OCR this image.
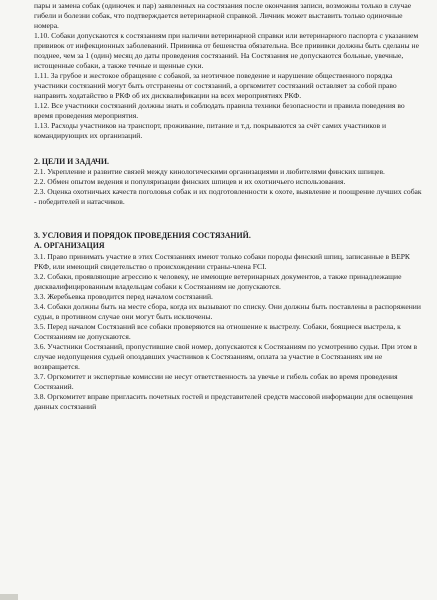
пары и замена собак (одиночек и пар) заявленных на состязания после окончания записи, возможны только в случае гибели и болезни собак, что подтверждается ветеринарной справкой. Личник может выставить только одиночные номера.

1.10. Собаки допускаются к состязаниям при наличии ветеринарной справки или ветеринарного паспорта с указанием прививок от инфекционных заболеваний. Прививка от бешенства обязательна. Все прививки должны быть сделаны не позднее, чем за 1 (один) месяц до даты проведения состязаний. На Состязания не допускаются больные, увечные, истощенные собаки, а также течные и щенные суки.

1.11. За грубое и жестокое обращение с собакой, за неэтичное поведение и нарушение общественного порядка участники состязаний могут быть отстранены от состязаний, а оргкомитет состязаний оставляет за собой право направить ходатайство в РКФ об их дисквалификации на всех мероприятиях РКФ.

1.12. Все участники состязаний должны знать и соблюдать правила техники безопасности и правила поведения во время проведения мероприятия.

1.13. Расходы участников на транспорт, проживание, питание и т.д. покрываются за счёт самих участников и командирующих их организаций.

2. ЦЕЛИ И ЗАДАЧИ.

2.1. Укрепление и развитие связей между кинологическими организациями и любителями финских шпицев.

2.2. Обмен опытом ведения и популяризации финских шпицев и их охотничьего использования.

2.3. Оценка охотничьих качеств поголовья собак и их подготовленности к охоте, выявление и поощрение лучших собак - победителей и натасчиков.

3. УСЛОВИЯ И ПОРЯДОК ПРОВЕДЕНИЯ СОСТЯЗАНИЙ.
А. ОРГАНИЗАЦИЯ

3.1. Право принимать участие в этих Состязаниях имеют только собаки породы финский шпиц, записанные в ВЕРК РКФ, или имеющий свидетельство о происхождении страны-члена FCI.

3.2. Собаки, проявляющие агрессию к человеку, не имеющие ветеринарных документов, а также принадлежащие дисквалифицированным владельцам собаки к Состязаниям не допускаются.

3.3. Жеребьевка проводится перед началом состязаний.

3.4. Собаки должны быть на месте сбора, когда их вызывают по списку. Они должны быть поставлены в распоряжении судьи, в противном случае они могут быть исключены.

3.5. Перед началом Состязаний все собаки проверяются на отношение к выстрелу. Собаки, боящиеся выстрела, к Состязаниям не допускаются.

3.6. Участники Состязаний, пропустившие свой номер, допускаются к Состязаниям по усмотрению судьи. При этом в случае недопущения судьей опоздавших участников к Состязаниям, оплата за участие в Состязаниях им не возвращается.

3.7. Оргкомитет и экспертные комиссии не несут ответственность за увечье и гибель собак во время проведения Состязаний.

3.8. Оргкомитет вправе пригласить почетных гостей и представителей средств массовой информации для освещения данных состязаний
